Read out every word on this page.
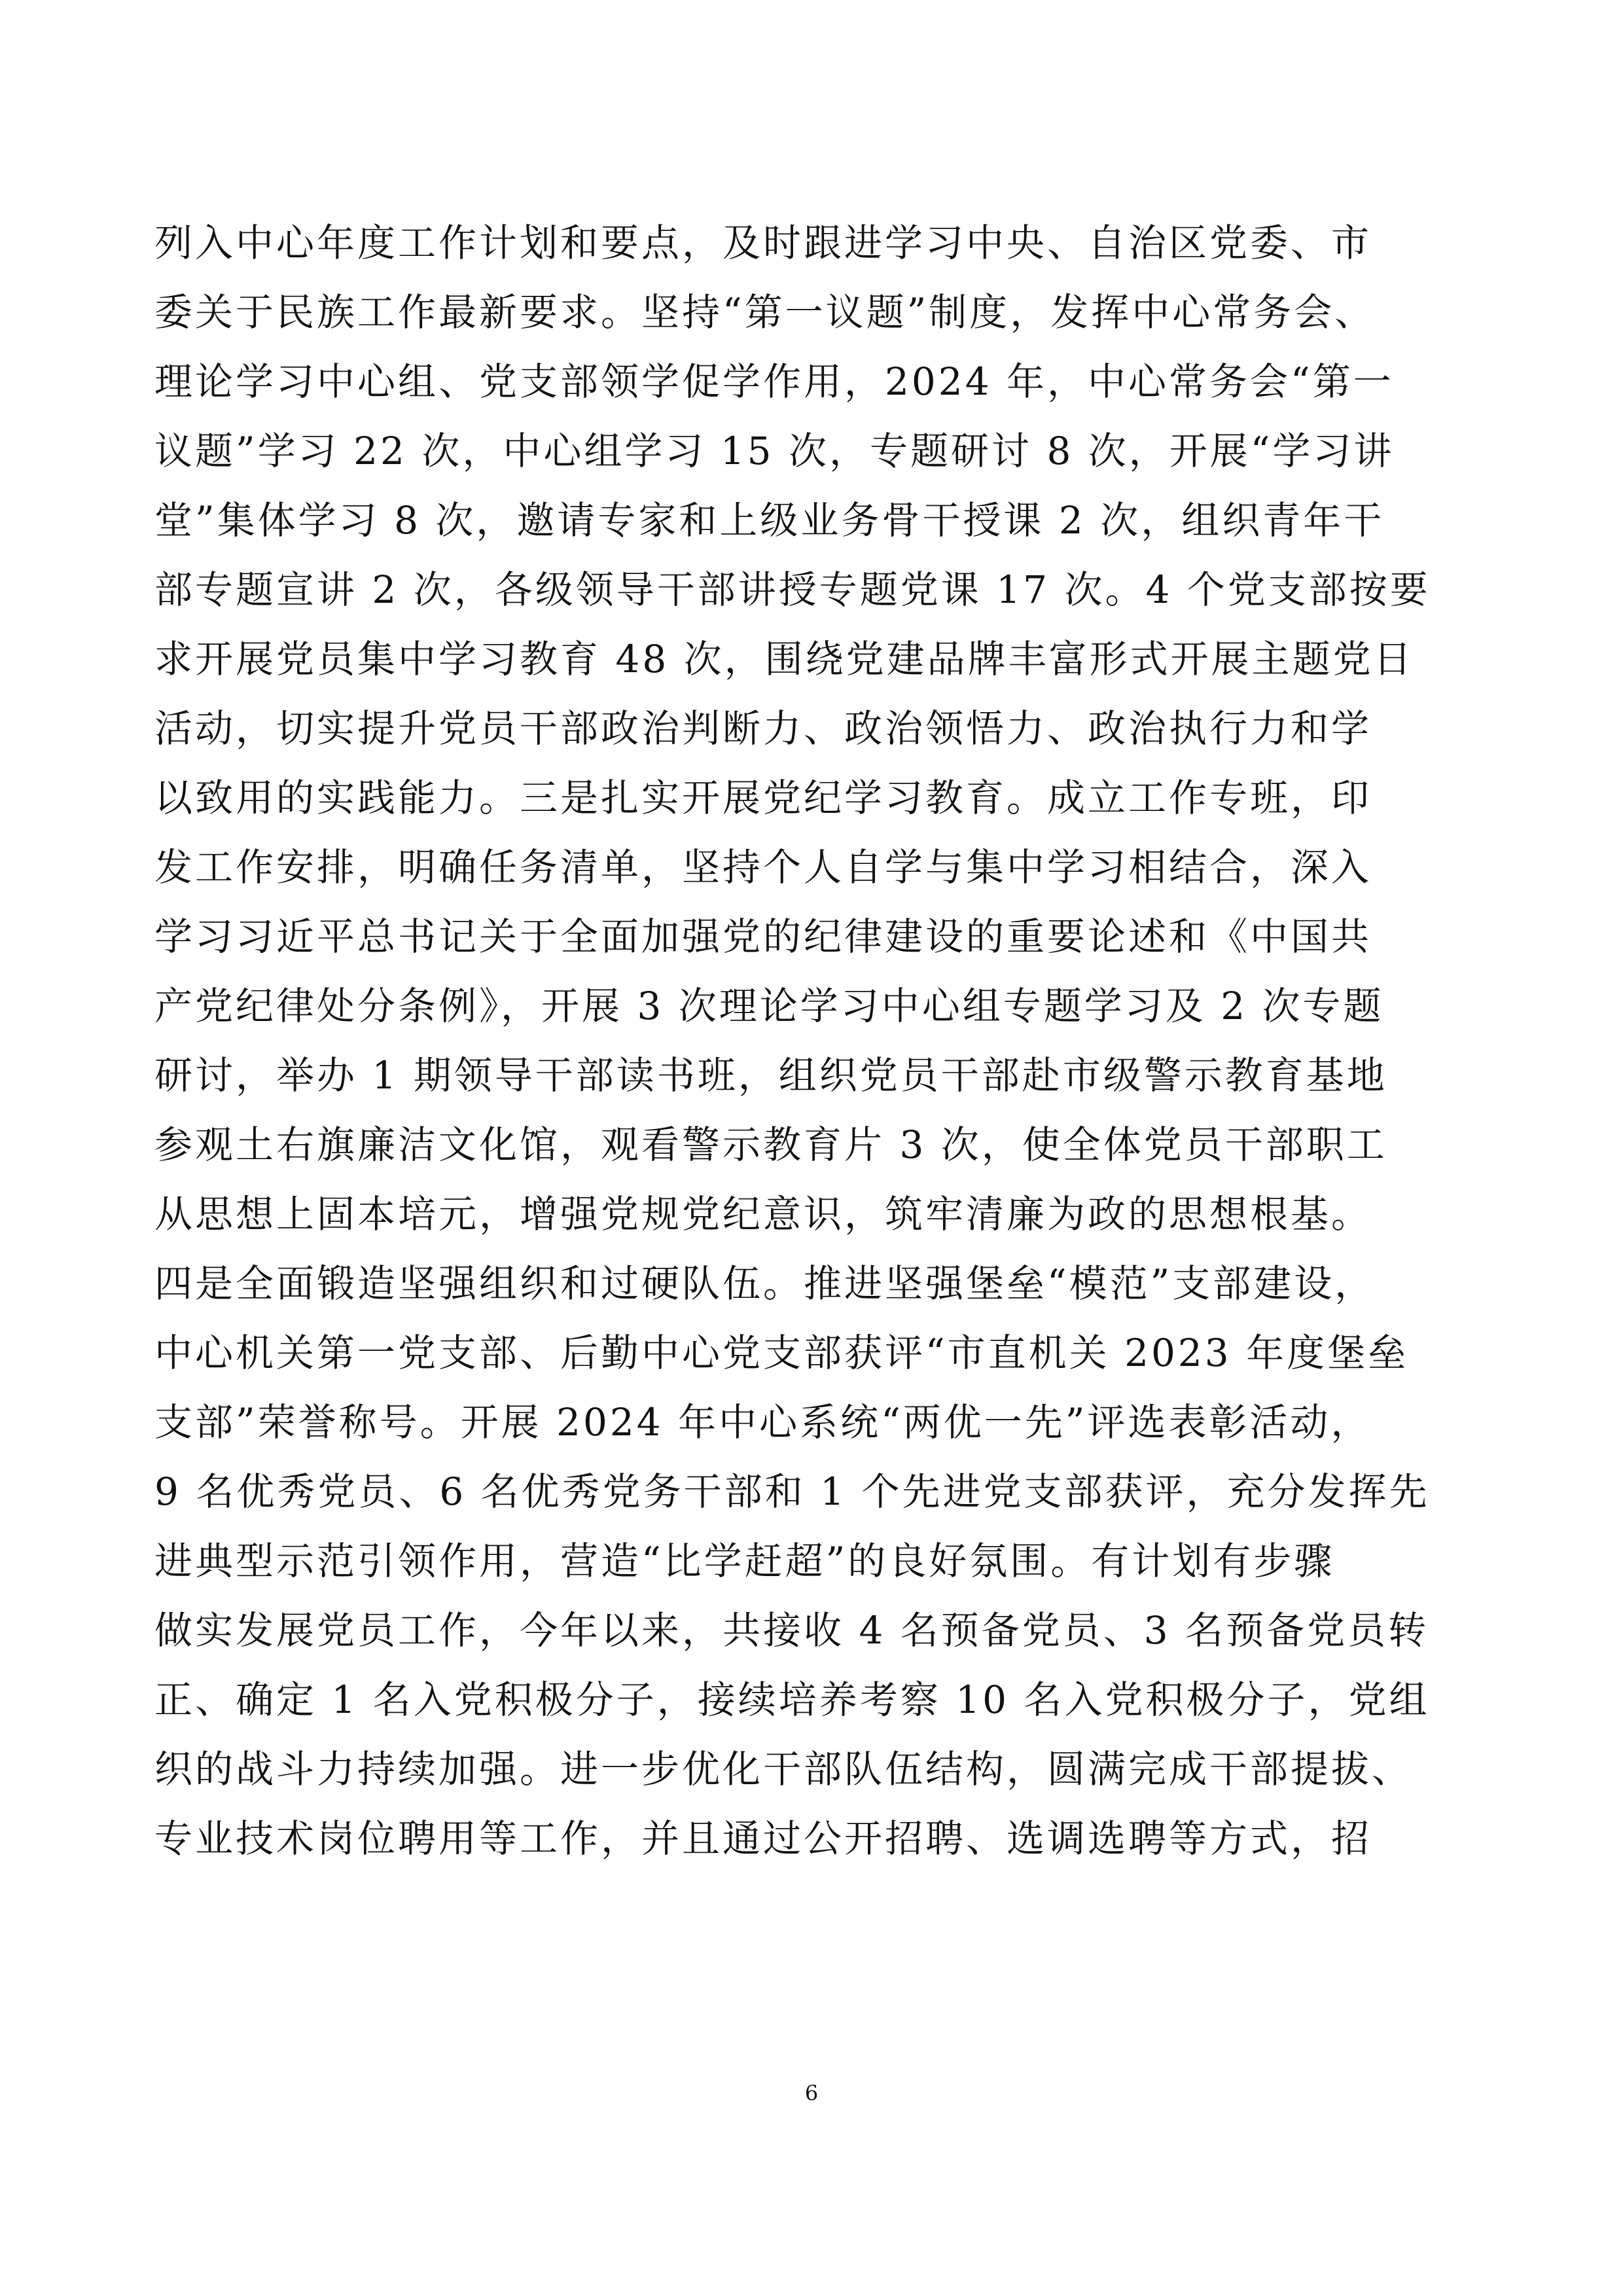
列入中心年度工作计划和要点，及时跟进学习中央、自治区党委、市
委关于民族工作最新要求。坚持“第一议题”制度，发挥中心常务会、
理论学习中心组、党支部领学促学作用，2024 年，中心常务会“第一
议题”学习 22 次，中心组学习 15 次，专题研讨 8 次，开展“学习讲
堂”集体学习 8 次，邀请专家和上级业务骨干授课 2 次，组织青年干
部专题宣讲 2 次，各级领导干部讲授专题党课 17 次。4 个党支部按要
求开展党员集中学习教育 48 次，围绕党建品牌丰富形式开展主题党日
活动，切实提升党员干部政治判断力、政治领悟力、政治执行力和学
以致用的实践能力。三是扎实开展党纪学习教育。成立工作专班，印
发工作安排，明确任务清单，坚持个人自学与集中学习相结合，深入
学习习近平总书记关于全面加强党的纪律建设的重要论述和《中国共
产党纪律处分条例》，开展 3 次理论学习中心组专题学习及 2 次专题
研讨，举办 1 期领导干部读书班，组织党员干部赴市级警示教育基地
参观土右旗廉洁文化馆，观看警示教育片 3 次，使全体党员干部职工
从思想上固本培元，增强党规党纪意识，筑牢清廉为政的思想根基。
四是全面锻造坚强组织和过硬队伍。推进坚强堡垒“模范”支部建设，
中心机关第一党支部、后勤中心党支部获评“市直机关 2023 年度堡垒
支部”荣誉称号。开展 2024 年中心系统“两优一先”评选表彰活动，
9 名优秀党员、6 名优秀党务干部和 1 个先进党支部获评，充分发挥先
进典型示范引领作用，营造“比学赶超”的良好氛围。有计划有步骤
做实发展党员工作，今年以来，共接收 4 名预备党员、3 名预备党员转
正、确定 1 名入党积极分子，接续培养考察 10 名入党积极分子，党组
织的战斗力持续加强。进一步优化干部队伍结构，圆满完成干部提拔、
专业技术岗位聘用等工作，并且通过公开招聘、选调选聘等方式，招
6
